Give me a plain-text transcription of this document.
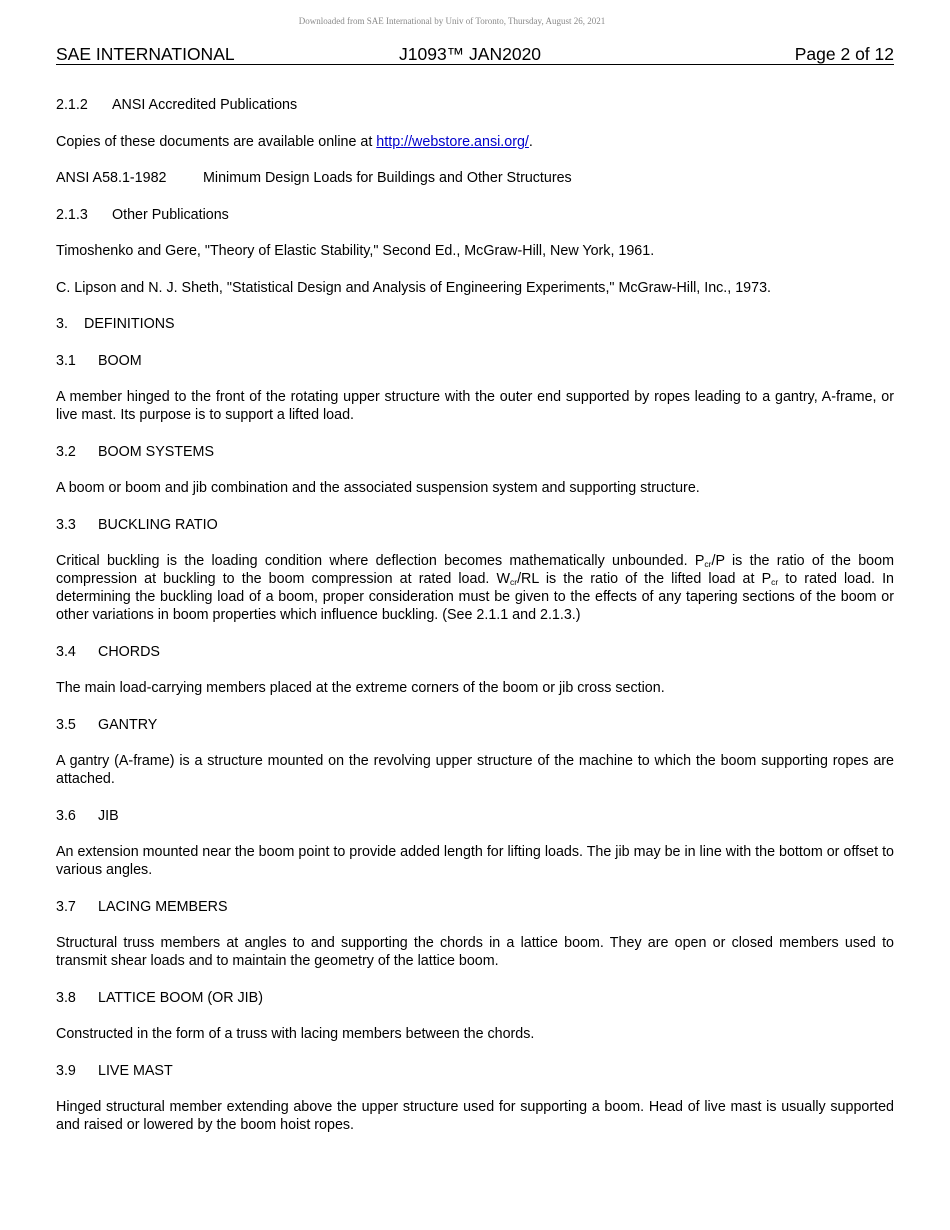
Downloaded from SAE International by Univ of Toronto, Thursday, August 26, 2021
SAE INTERNATIONAL	J1093™ JAN2020	Page 2 of 12
2.1.2 ANSI Accredited Publications
Copies of these documents are available online at http://webstore.ansi.org/.
ANSI A58.1-1982	Minimum Design Loads for Buildings and Other Structures
2.1.3 Other Publications
Timoshenko and Gere, "Theory of Elastic Stability," Second Ed., McGraw-Hill, New York, 1961.
C. Lipson and N. J. Sheth, "Statistical Design and Analysis of Engineering Experiments," McGraw-Hill, Inc., 1973.
3. DEFINITIONS
3.1 BOOM
A member hinged to the front of the rotating upper structure with the outer end supported by ropes leading to a gantry, A-frame, or live mast. Its purpose is to support a lifted load.
3.2 BOOM SYSTEMS
A boom or boom and jib combination and the associated suspension system and supporting structure.
3.3 BUCKLING RATIO
Critical buckling is the loading condition where deflection becomes mathematically unbounded. $P_{cr}/P$ is the ratio of the boom compression at buckling to the boom compression at rated load. $W_{cr}/RL$ is the ratio of the lifted load at $P_{cr}$ to rated load. In determining the buckling load of a boom, proper consideration must be given to the effects of any tapering sections of the boom or other variations in boom properties which influence buckling. (See 2.1.1 and 2.1.3.)
3.4 CHORDS
The main load-carrying members placed at the extreme corners of the boom or jib cross section.
3.5 GANTRY
A gantry (A-frame) is a structure mounted on the revolving upper structure of the machine to which the boom supporting ropes are attached.
3.6 JIB
An extension mounted near the boom point to provide added length for lifting loads. The jib may be in line with the bottom or offset to various angles.
3.7 LACING MEMBERS
Structural truss members at angles to and supporting the chords in a lattice boom. They are open or closed members used to transmit shear loads and to maintain the geometry of the lattice boom.
3.8 LATTICE BOOM (OR JIB)
Constructed in the form of a truss with lacing members between the chords.
3.9 LIVE MAST
Hinged structural member extending above the upper structure used for supporting a boom. Head of live mast is usually supported and raised or lowered by the boom hoist ropes.
